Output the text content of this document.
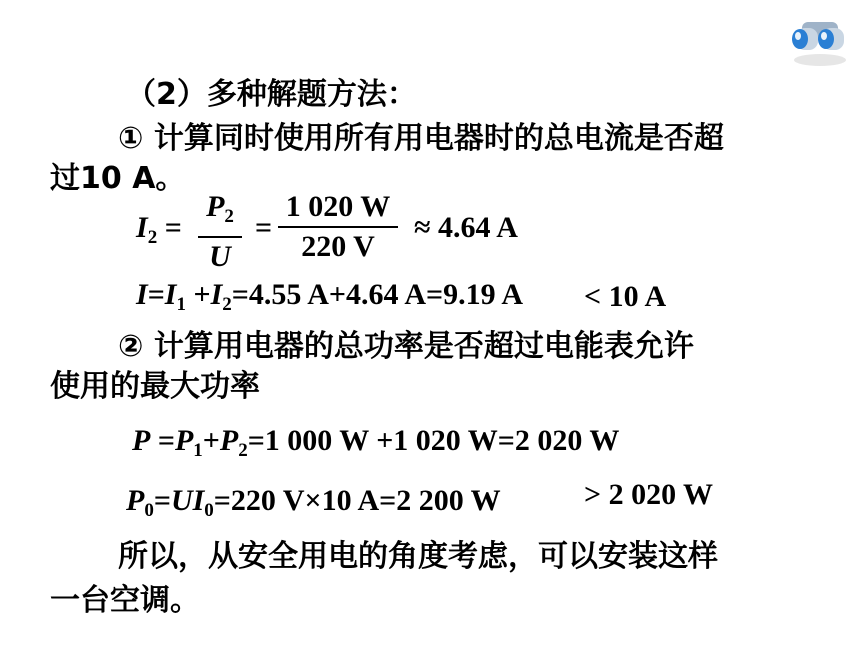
（2）多种解题方法：
① 计算同时使用所有用电器时的总电流是否超
过10 A。
$I_2$ =
$P_2$
U
=
1 020 W
220 V
≈ 4.64 A
$I=I_1 +I_2=4.55$ A+4.64 A=9.19 A < 10 A
② 计算用电器的总功率是否超过电能表允许
使用的最大功率
$P =P_1+P_2=1$ 000 W +1 020 W=2 020 W
$P_0=UI_0=220$ V×10 A=2 200 W	> 2 020 W
所以，从安全用电的角度考虑，可以安装这样
一台空调。
